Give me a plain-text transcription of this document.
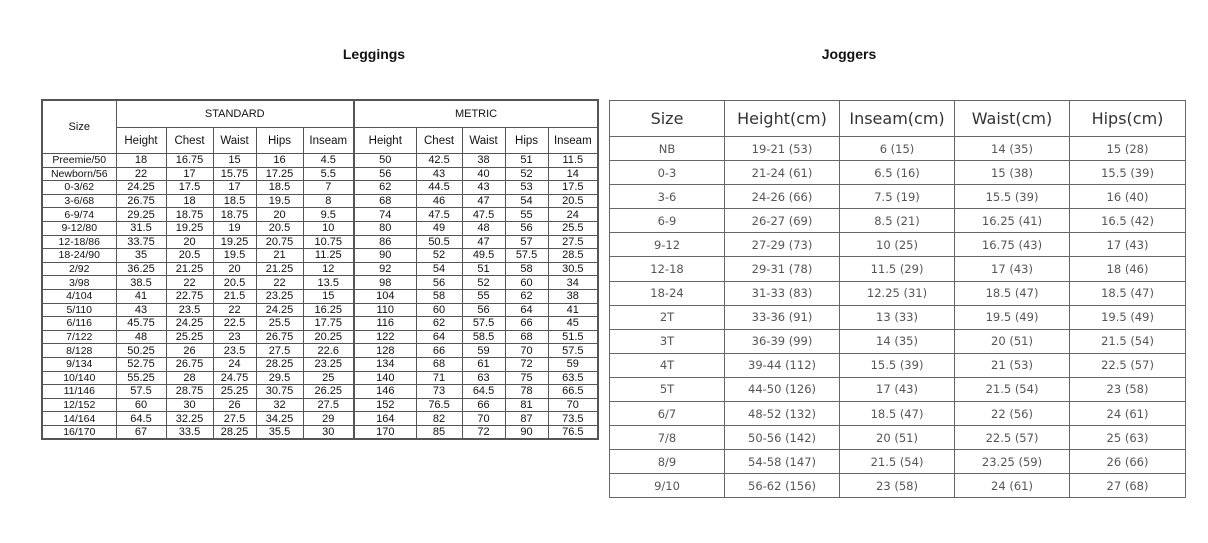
Leggings	Joggers
Size	STANDARD					METRIC				
	Height	Chest	Waist	Hips	Inseam	Height	Chest	Waist	Hips	Inseam
Preemie/50	18	16.75	15	16	4.5	50	42.5	38	51	11.5
Newborn/56	22	17	15.75	17.25	5.5	56	43	40	52	14
0-3/62	24.25	17.5	17	18.5	7	62	44.5	43	53	17.5
3-6/68	26.75	18	18.5	19.5	8	68	46	47	54	20.5
6-9/74	29.25	18.75	18.75	20	9.5	74	47.5	47.5	55	24
9-12/80	31.5	19.25	19	20.5	10	80	49	48	56	25.5
12-18/86	33.75	20	19.25	20.75	10.75	86	50.5	47	57	27.5
18-24/90	35	20.5	19.5	21	11.25	90	52	49.5	57.5	28.5
2/92	36.25	21.25	20	21.25	12	92	54	51	58	30.5
3/98	38.5	22	20.5	22	13.5	98	56	52	60	34
4/104	41	22.75	21.5	23.25	15	104	58	55	62	38
5/110	43	23.5	22	24.25	16.25	110	60	56	64	41
6/116	45.75	24.25	22.5	25.5	17.75	116	62	57.5	66	45
7/122	48	25.25	23	26.75	20.25	122	64	58.5	68	51.5
8/128	50.25	26	23.5	27.5	22.6	128	66	59	70	57.5
9/134	52.75	26.75	24	28.25	23.25	134	68	61	72	59
10/140	55.25	28	24.75	29.5	25	140	71	63	75	63.5
11/146	57.5	28.75	25.25	30.75	26.25	146	73	64.5	78	66.5
12/152	60	30	26	32	27.5	152	76.5	66	81	70
14/164	64.5	32.25	27.5	34.25	29	164	82	70	87	73.5
16/170	67	33.5	28.25	35.5	30	170	85	72	90	76.5
Size	Height(cm)	Inseam(cm)	Waist(cm)	Hips(cm)
NB	19-21 (53)	6 (15)	14 (35)	15 (28)
0-3	21-24 (61)	6.5 (16)	15 (38)	15.5 (39)
3-6	24-26 (66)	7.5 (19)	15.5 (39)	16 (40)
6-9	26-27 (69)	8.5 (21)	16.25 (41)	16.5 (42)
9-12	27-29 (73)	10 (25)	16.75 (43)	17 (43)
12-18	29-31 (78)	11.5 (29)	17 (43)	18 (46)
18-24	31-33 (83)	12.25 (31)	18.5 (47)	18.5 (47)
2T	33-36 (91)	13 (33)	19.5 (49)	19.5 (49)
3T	36-39 (99)	14 (35)	20 (51)	21.5 (54)
4T	39-44 (112)	15.5 (39)	21 (53)	22.5 (57)
5T	44-50 (126)	17 (43)	21.5 (54)	23 (58)
6/7	48-52 (132)	18.5 (47)	22 (56)	24 (61)
7/8	50-56 (142)	20 (51)	22.5 (57)	25 (63)
8/9	54-58 (147)	21.5 (54)	23.25 (59)	26 (66)
9/10	56-62 (156)	23 (58)	24 (61)	27 (68)
